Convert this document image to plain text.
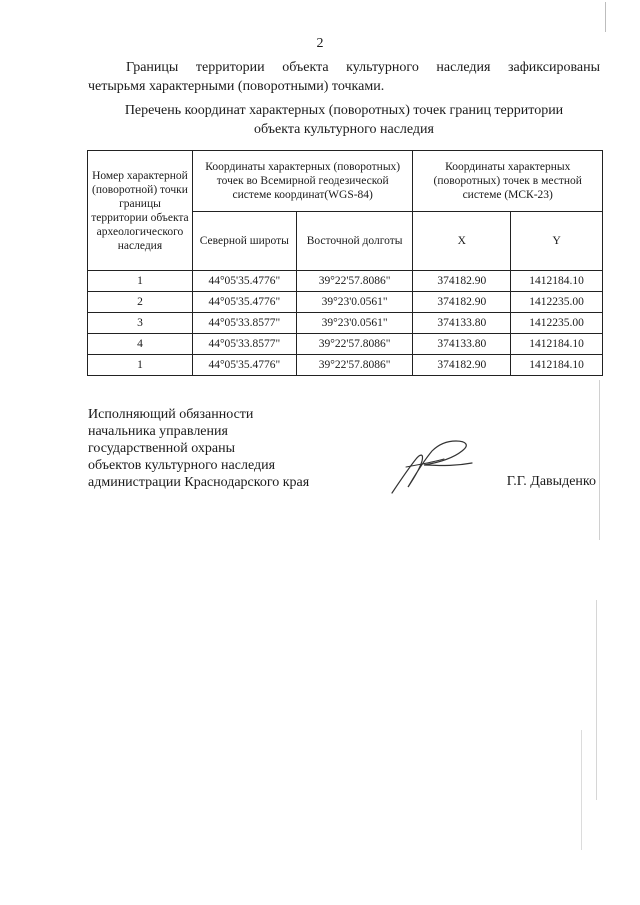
2
Границы территории объекта культурного наследия зафиксированы
четырьмя характерными (поворотными) точками.
Перечень координат характерных (поворотных) точек границ территории
объекта культурного наследия
Номер характерной (поворотной) точки границы территории объекта археологического наследия	Координаты характерных (поворотных) точек во Всемирной геодезической системе координат(WGS-84)		Координаты характерных (поворотных) точек в местной системе (МСК-23)	
	Северной широты	Восточной долготы	X	Y
1	44°05'35.4776"	39°22'57.8086"	374182.90	1412184.10
2	44°05'35.4776"	39°23'0.0561"	374182.90	1412235.00
3	44°05'33.8577"	39°23'0.0561"	374133.80	1412235.00
4	44°05'33.8577"	39°22'57.8086"	374133.80	1412184.10
1	44°05'35.4776"	39°22'57.8086"	374182.90	1412184.10
Исполняющий обязанности
начальника управления
государственной охраны
объектов культурного наследия
администрации Краснодарского края	Г.Г. Давыденко
